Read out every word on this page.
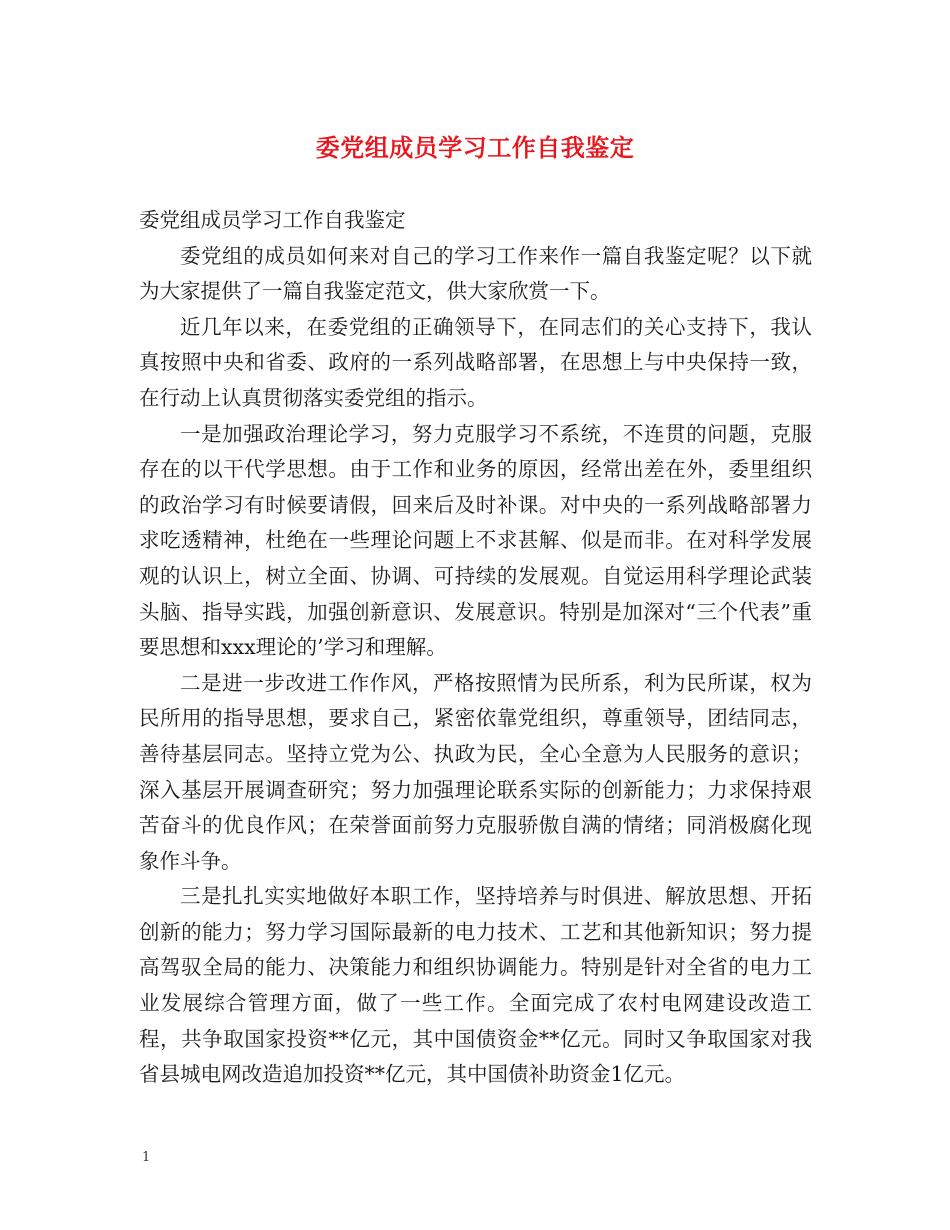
委党组成员学习工作自我鉴定

委党组成员学习工作自我鉴定

委党组的成员如何来对自己的学习工作来作一篇自我鉴定呢？以下就为大家提供了一篇自我鉴定范文，供大家欣赏一下。

近几年以来，在委党组的正确领导下，在同志们的关心支持下，我认真按照中央和省委、政府的一系列战略部署，在思想上与中央保持一致，在行动上认真贯彻落实委党组的指示。

一是加强政治理论学习，努力克服学习不系统，不连贯的问题，克服存在的以干代学思想。由于工作和业务的原因，经常出差在外，委里组织的政治学习有时候要请假，回来后及时补课。对中央的一系列战略部署力求吃透精神，杜绝在一些理论问题上不求甚解、似是而非。在对科学发展观的认识上，树立全面、协调、可持续的发展观。自觉运用科学理论武装头脑、指导实践，加强创新意识、发展意识。特别是加深对“三个代表”重要思想和xxx理论的’学习和理解。

二是进一步改进工作作风，严格按照情为民所系，利为民所谋，权为民所用的指导思想，要求自己，紧密依靠党组织，尊重领导，团结同志，善待基层同志。坚持立党为公、执政为民，全心全意为人民服务的意识；深入基层开展调查研究；努力加强理论联系实际的创新能力；力求保持艰苦奋斗的优良作风；在荣誉面前努力克服骄傲自满的情绪；同消极腐化现象作斗争。

三是扎扎实实地做好本职工作，坚持培养与时俱进、解放思想、开拓创新的能力；努力学习国际最新的电力技术、工艺和其他新知识；努力提高驾驭全局的能力、决策能力和组织协调能力。特别是针对全省的电力工业发展综合管理方面，做了一些工作。全面完成了农村电网建设改造工程，共争取国家投资**亿元，其中国债资金**亿元。同时又争取国家对我省县城电网改造追加投资**亿元，其中国债补助资金1亿元。

1
